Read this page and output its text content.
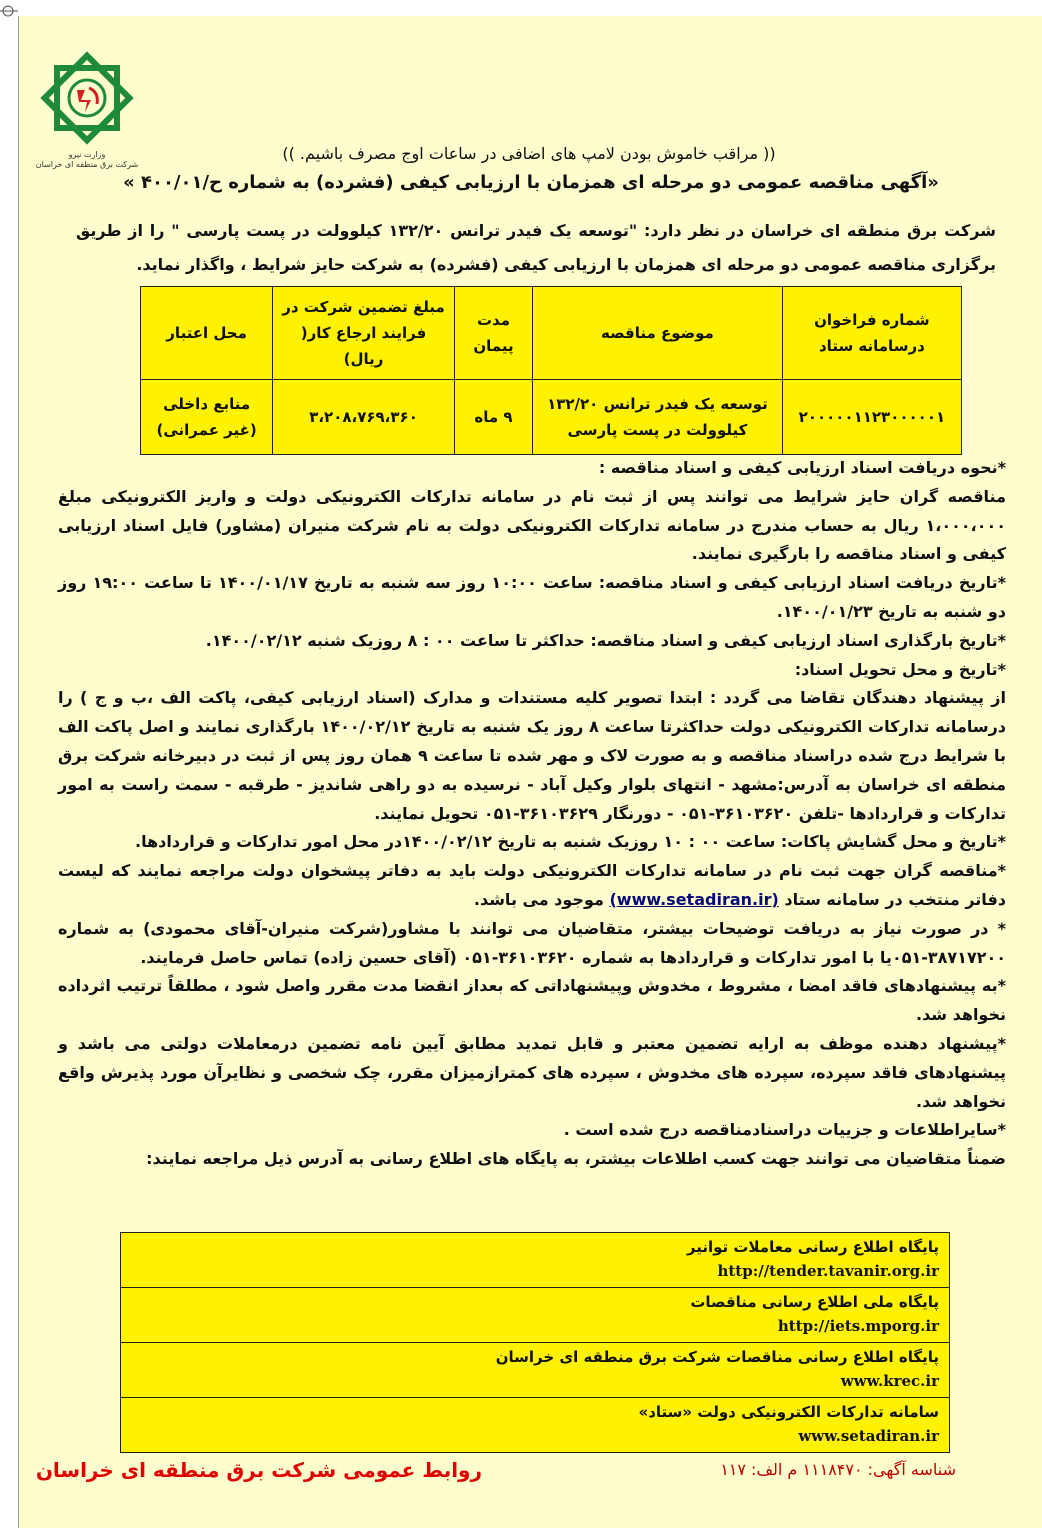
وزارت نیرو
شرکت برق منطقه ای خراسان
(( مراقب خاموش بودن لامپ های اضافی در ساعات اوج مصرف باشیم. ))
«آگهی مناقصه عمومی دو مرحله ای همزمان با ارزیابی کیفی (فشرده) به شماره ح/۴۰۰/۰۱ »
شرکت برق منطقه ای خراسان در نظر دارد: "توسعه یک فیدر ترانس ۱۳۲/۲۰ کیلوولت در پست پارسی " را از طریق برگزاری مناقصه عمومی دو مرحله ای همزمان با ارزیابی کیفی (فشرده) به شرکت حایز شرایط ، واگذار نماید.
شماره فراخوان درسامانه ستاد	موضوع مناقصه	مدت پیمان	مبلغ تضمین شرکت در فرایند ارجاع کار( ریال)	محل اعتبار
۲۰۰۰۰۰۱۱۲۳۰۰۰۰۰۱	توسعه یک فیدر ترانس ۱۳۲/۲۰ کیلوولت در پست پارسی	۹ ماه	۳،۲۰۸،۷۶۹،۳۶۰	منابع داخلی (غیر عمرانی)

*نحوه دریافت اسناد ارزیابی کیفی و اسناد مناقصه :

مناقصه گران حایز شرایط می توانند پس از ثبت نام در سامانه تدارکات الکترونیکی دولت و واریز الکترونیکی مبلغ ۱،۰۰۰،۰۰۰ ریال به حساب مندرج در سامانه تدارکات الکترونیکی دولت به نام شرکت منیران (مشاور) فایل اسناد ارزیابی کیفی و اسناد مناقصه را بارگیری نمایند.

*تاریخ دریافت اسناد ارزیابی کیفی و اسناد مناقصه: ساعت ۱۰:۰۰ روز سه شنبه به تاریخ ۱۴۰۰/۰۱/۱۷ تا ساعت ۱۹:۰۰ روز دو شنبه به تاریخ ۱۴۰۰/۰۱/۲۳.

*تاریخ بارگذاری اسناد ارزیابی کیفی و اسناد مناقصه: حداکثر تا ساعت ۰۰ : ۸ روزیک شنبه ۱۴۰۰/۰۲/۱۲.

*تاریخ و محل تحویل اسناد:

از پیشنهاد دهندگان تقاضا می گردد : ابتدا تصویر کلیه مستندات و مدارک (اسناد ارزیابی کیفی، پاکت الف ،ب و ج ) را درسامانه تدارکات الکترونیکی دولت حداکثرتا ساعت ۸ روز یک شنبه به تاریخ ۱۴۰۰/۰۲/۱۲ بارگذاری نمایند و اصل پاکت الف با شرایط درج شده دراسناد مناقصه و به صورت لاک و مهر شده تا ساعت ۹ همان روز پس از ثبت در دبیرخانه شرکت برق منطقه ای خراسان به آدرس:مشهد - انتهای بلوار وکیل آباد - نرسیده به دو راهی شاندیز - طرقبه - سمت راست به امور تدارکات و قراردادها -تلفن ۳۶۱۰۳۶۲۰-۰۵۱ - دورنگار ۳۶۱۰۳۶۲۹-۰۵۱ تحویل نمایند.

*تاریخ و محل گشایش پاکات: ساعت ۰۰ : ۱۰ روزیک شنبه به تاریخ ۱۴۰۰/۰۲/۱۲در محل امور تدارکات و قراردادها.

*مناقصه گران جهت ثبت نام در سامانه تدارکات الکترونیکی دولت باید به دفاتر پیشخوان دولت مراجعه نمایند که لیست دفاتر منتخب در سامانه ستاد (www.setadiran.ir) موجود می باشد.

* در صورت نیاز به دریافت توضیحات بیشتر، متقاضیان می توانند با مشاور(شرکت منیران-آقای محمودی) به شماره ۳۸۷۱۷۲۰۰-۰۵۱یا با امور تدارکات و قراردادها به شماره ۳۶۱۰۳۶۲۰-۰۵۱ (آقای حسین زاده) تماس حاصل فرمایند.

*به پیشنهادهای فاقد امضا ، مشروط ، مخدوش وپیشنهاداتی که بعداز انقضا مدت مقرر واصل شود ، مطلقاً ترتیب اثرداده نخواهد شد.

*پیشنهاد دهنده موظف به ارایه تضمین معتبر و قابل تمدید مطابق آیین نامه تضمین درمعاملات دولتی می باشد و پیشنهادهای فاقد سپرده، سپرده های مخدوش ، سپرده های کمترازمیزان مقرر، چک شخصی و نظایرآن مورد پذیرش واقع نخواهد شد.

*سایراطلاعات و جزییات دراسنادمناقصه درج شده است .

ضمناً متقاضیان می توانند جهت کسب اطلاعات بیشتر، به پایگاه های اطلاع رسانی به آدرس ذیل مراجعه نمایند:

پایگاه اطلاع رسانی معاملات توانیر
http://tender.tavanir.org.ir

پایگاه ملی اطلاع رسانی مناقصات
http://iets.mporg.ir

پایگاه اطلاع رسانی مناقصات شرکت برق منطقه ای خراسان
www.krec.ir

سامانه تدارکات الکترونیکی دولت «ستاد»
www.setadiran.ir
روابط عمومی شرکت برق منطقه ای خراسان	شناسه آگهی: ۱۱۱۸۴۷۰ م الف: ۱۱۷
